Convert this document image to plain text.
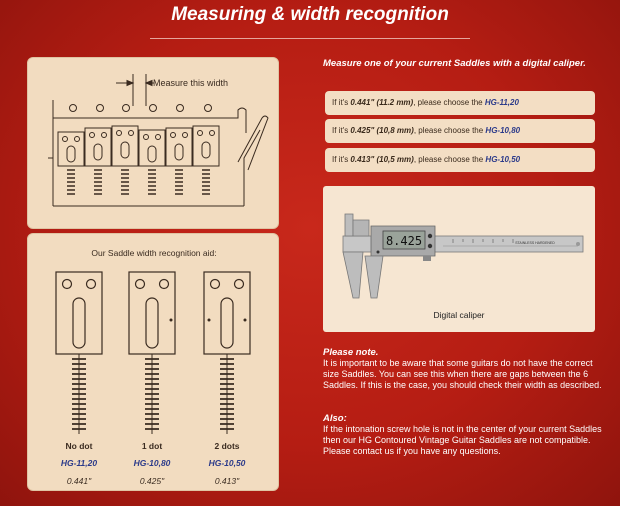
Measuring & width recognition
Measure this width
Our Saddle width recognition aid:
No dot	1 dot	2 dots
HG-11,20	HG-10,80	HG-10,50
0.441"	0.425"	0.413"
Measure one of your current Saddles with a digital caliper.
If it's 0.441" (11.2 mm), please choose the HG-11,20
If it's 0.425" (10,8 mm), please choose the HG-10,80
If it's 0.413" (10,5 mm), please choose the HG-10,50
STAINLESS HARDENED
8.425
Digital caliper
Please note.
It is important to be aware that some guitars do not have the correct size Saddles. You can see this when there are gaps between the 6 Saddles. If this is the case, you should check their width as described.
Also:
If the intonation screw hole is not in the center of your current Saddles then our HG Contoured Vintage Guitar Saddles are not compatible. Please contact us if you have any questions.
